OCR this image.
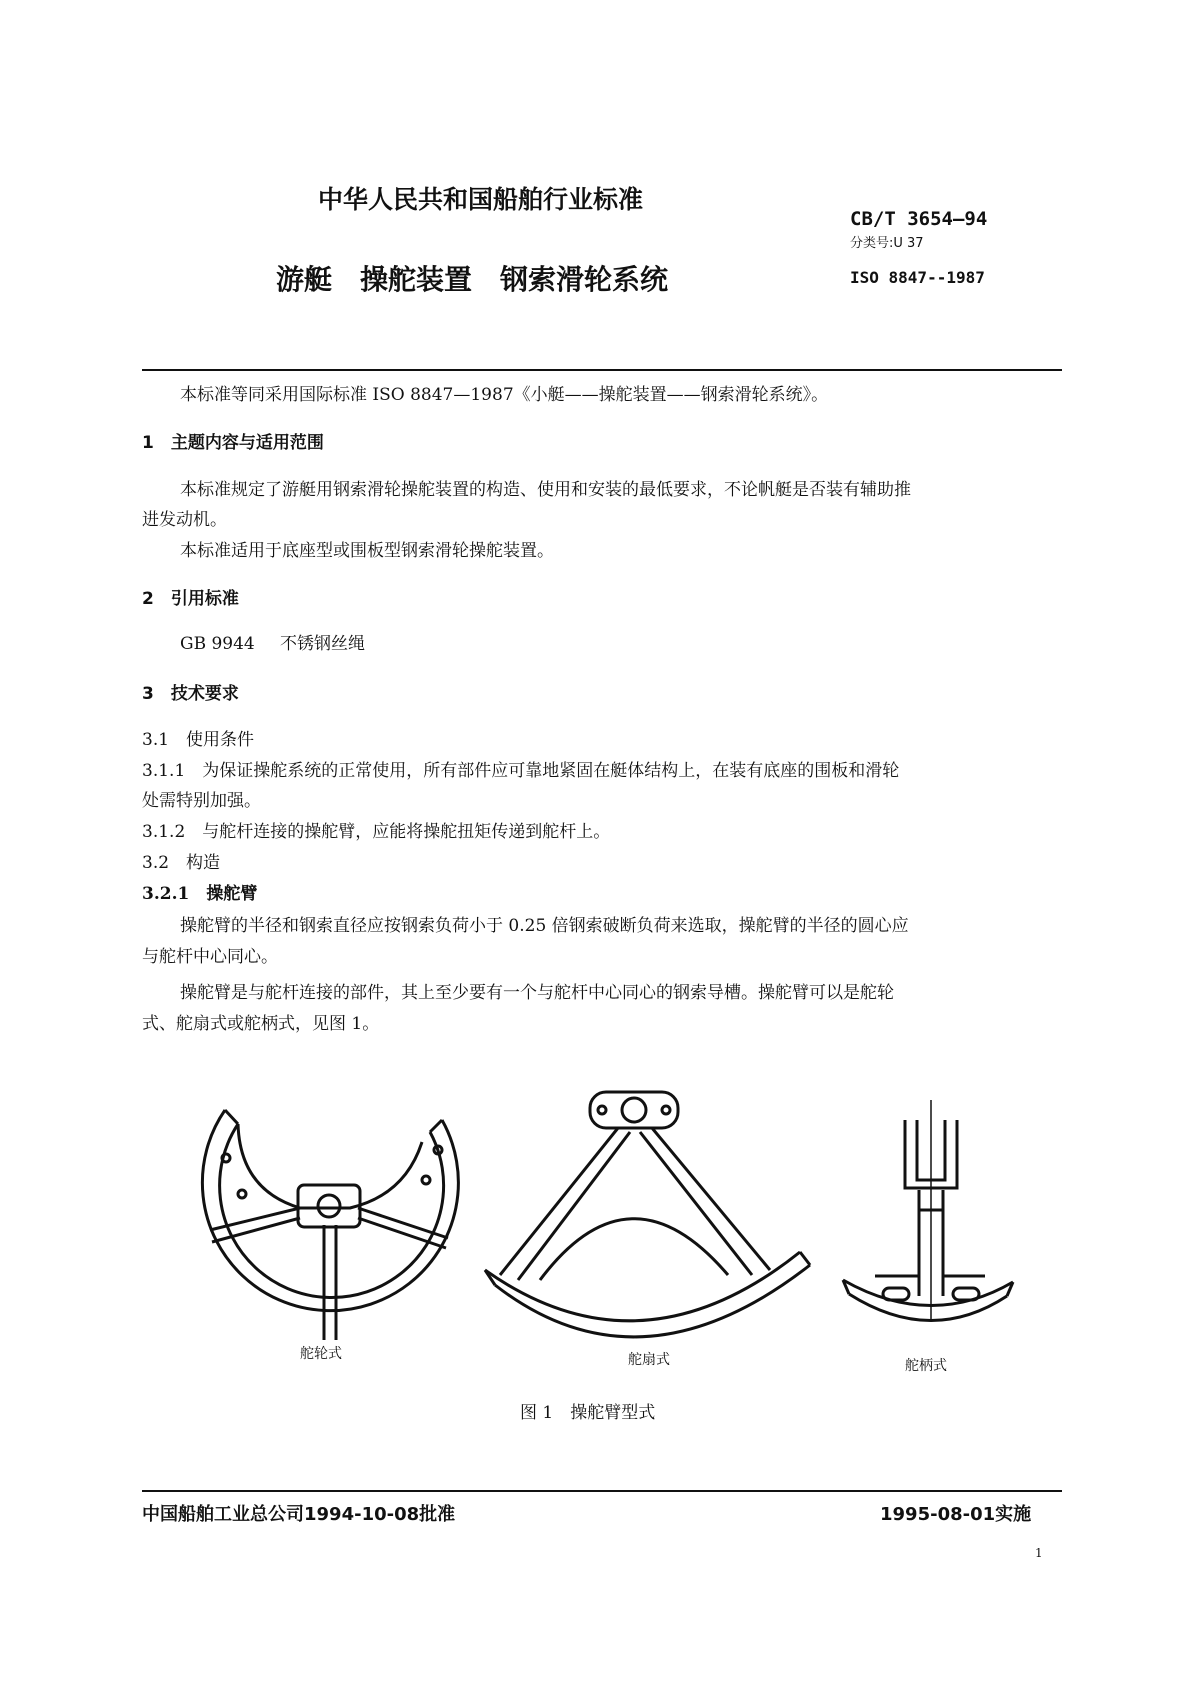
中华人民共和国船舶行业标准
游艇　操舵装置　钢索滑轮系统
CB/T 3654—94
分类号:U 37
ISO 8847--1987
本标准等同采用国际标准 ISO 8847—1987《小艇——操舵装置——钢索滑轮系统》。
1　主题内容与适用范围
本标准规定了游艇用钢索滑轮操舵装置的构造、使用和安装的最低要求，不论帆艇是否装有辅助推
进发动机。
本标准适用于底座型或围板型钢索滑轮操舵装置。
2　引用标准
GB 9944 不锈钢丝绳
3　技术要求
3.1　使用条件
3.1.1　为保证操舵系统的正常使用，所有部件应可靠地紧固在艇体结构上，在装有底座的围板和滑轮
处需特别加强。
3.1.2　与舵杆连接的操舵臂，应能将操舵扭矩传递到舵杆上。
3.2　构造
3.2.1　操舵臂
操舵臂的半径和钢索直径应按钢索负荷小于 0.25 倍钢索破断负荷来选取，操舵臂的半径的圆心应
与舵杆中心同心。
操舵臂是与舵杆连接的部件，其上至少要有一个与舵杆中心同心的钢索导槽。操舵臂可以是舵轮
式、舵扇式或舵柄式，见图 1。
舵轮式	舵扇式	舵柄式
图 1　操舵臂型式
中国船舶工业总公司1994-10-08批准	1995-08-01实施
1
